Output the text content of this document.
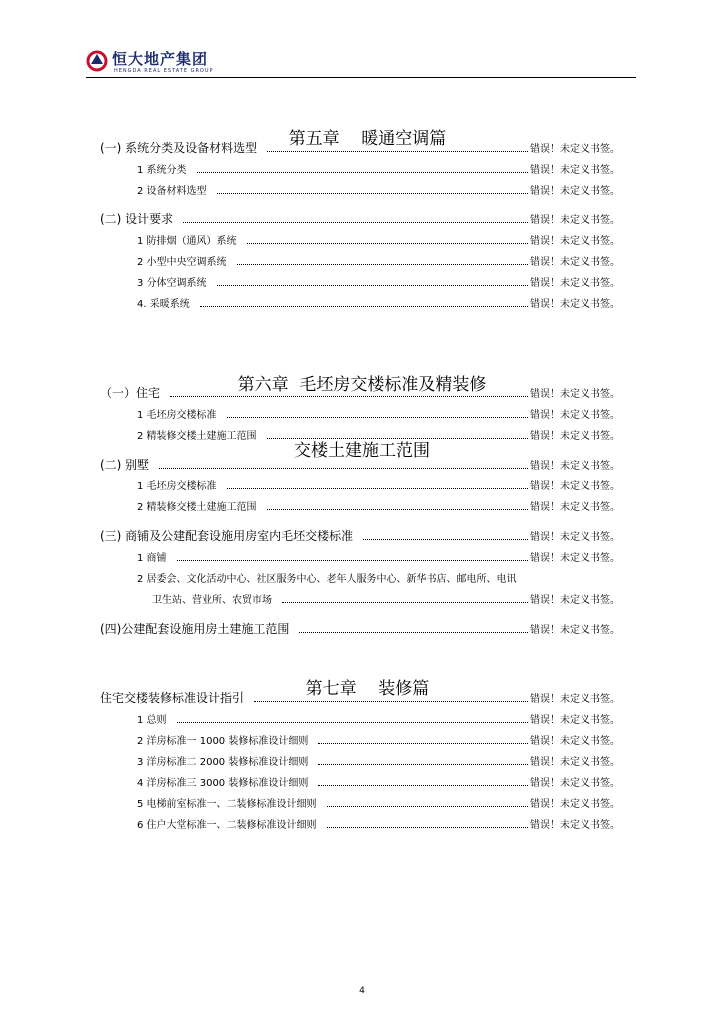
恒大地产集团
HENGDA REAL ESTATE GROUP

第五章    暖通空调篇

(一) 系统分类及设备材料选型	错误！未定义书签。
1 系统分类	错误！未定义书签。
2 设备材料选型	错误！未定义书签。
(二) 设计要求	错误！未定义书签。
1 防排烟（通风）系统	错误！未定义书签。
2 小型中央空调系统	错误！未定义书签。
3 分体空调系统	错误！未定义书签。
4. 采暖系统	错误！未定义书签。

第六章  毛坯房交楼标准及精装修

交楼土建施工范围

（一）住宅	错误！未定义书签。
1 毛坯房交楼标准	错误！未定义书签。
2 精装修交楼土建施工范围	错误！未定义书签。
(二) 别墅	错误！未定义书签。
1 毛坯房交楼标准	错误！未定义书签。
2 精装修交楼土建施工范围	错误！未定义书签。
(三) 商铺及公建配套设施用房室内毛坯交楼标准	错误！未定义书签。
1 商铺	错误！未定义书签。
2 居委会、文化活动中心、社区服务中心、老年人服务中心、新华书店、邮电所、电讯
卫生站、营业所、农贸市场	错误！未定义书签。
(四)公建配套设施用房土建施工范围	错误！未定义书签。

第七章    装修篇

住宅交楼装修标准设计指引	错误！未定义书签。
1 总则	错误！未定义书签。
2 洋房标准一 1000 装修标准设计细则	错误！未定义书签。
3 洋房标准二 2000 装修标准设计细则	错误！未定义书签。
4 洋房标准三 3000 装修标准设计细则	错误！未定义书签。
5 电梯前室标准一、二装修标准设计细则	错误！未定义书签。
6 住户大堂标准一、二装修标准设计细则	错误！未定义书签。
4
